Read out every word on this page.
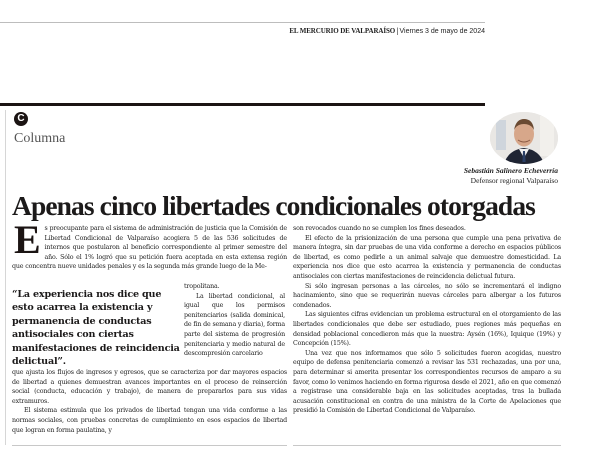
EL MERCURIO DE VALPARAÍSO|Viernes 3 de mayo de 2024
C
Columna
Sebastián Salinero Echeverría
Defensor regional Valparaíso
Apenas cinco libertades condicionales otorgadas
Es preocupante para el sistema de administración de justicia que la Comisión de Libertad Condicional de Valparaíso acogiera 5 de las 536 solicitudes de internos que postularon al beneficio correspondiente al primer semestre del año. Sólo el 1% logró que su petición fuera aceptada en esta extensa región que concentra nueve unidades penales y es la segunda más grande luego de la Me-
“La experiencia nos dice que esto acarrea la existencia y permanencia de conductas antisociales con ciertas manifestaciones de reincidencia delictual”.

tropolitana.

La libertad condicional, al igual que los permisos penitenciarios (salida dominical, de fin de semana y diaria), forma parte del sistema de progresión penitenciaria y medio natural de descompresión carcelario

que ajusta los flujos de ingresos y egresos, que se caracteriza por dar mayores espacios de libertad a quienes demuestran avances importantes en el proceso de reinserción social (conducta, educación y trabajo), de manera de prepararlos para sus vidas extramuros.

El sistema estimula que los privados de libertad tengan una vida conforme a las normas sociales, con pruebas concretas de cumplimiento en esos espacios de libertad que logran en forma paulatina, y

son revocados cuando no se cumplen los fines deseados.

El efecto de la prisionización de una persona que cumple una pena privativa de manera íntegra, sin dar pruebas de una vida conforme a derecho en espacios públicos de libertad, es como pedirle a un animal salvaje que demuestre domesticidad. La experiencia nos dice que esto acarrea la existencia y permanencia de conductas antisociales con ciertas manifestaciones de reincidencia delictual futura.

Si sólo ingresan personas a las cárceles, no sólo se incrementará el indigno hacinamiento, sino que se requerirán nuevas cárceles para albergar a los futuros condenados.

Las siguientes cifras evidencian un problema estructural en el otorgamiento de las libertades condicionales que debe ser estudiado, pues regiones más pequeñas en densidad poblacional concedieron más que la nuestra: Aysén (16%), Iquique (19%) y Concepción (15%).

Una vez que nos informamos que sólo 5 solicitudes fueron acogidas, nuestro equipo de defensa penitenciaria comenzó a revisar las 531 rechazadas, una por una, para determinar si amerita presentar los correspondientes recursos de amparo a su favor, como lo venimos haciendo en forma rigurosa desde el 2021, año en que comenzó a registrase una considerable baja en las solicitudes aceptadas, tras la bullada acusación constitucional en contra de una ministra de la Corte de Apelaciones que presidió la Comisión de Libertad Condicional de Valparaíso.
